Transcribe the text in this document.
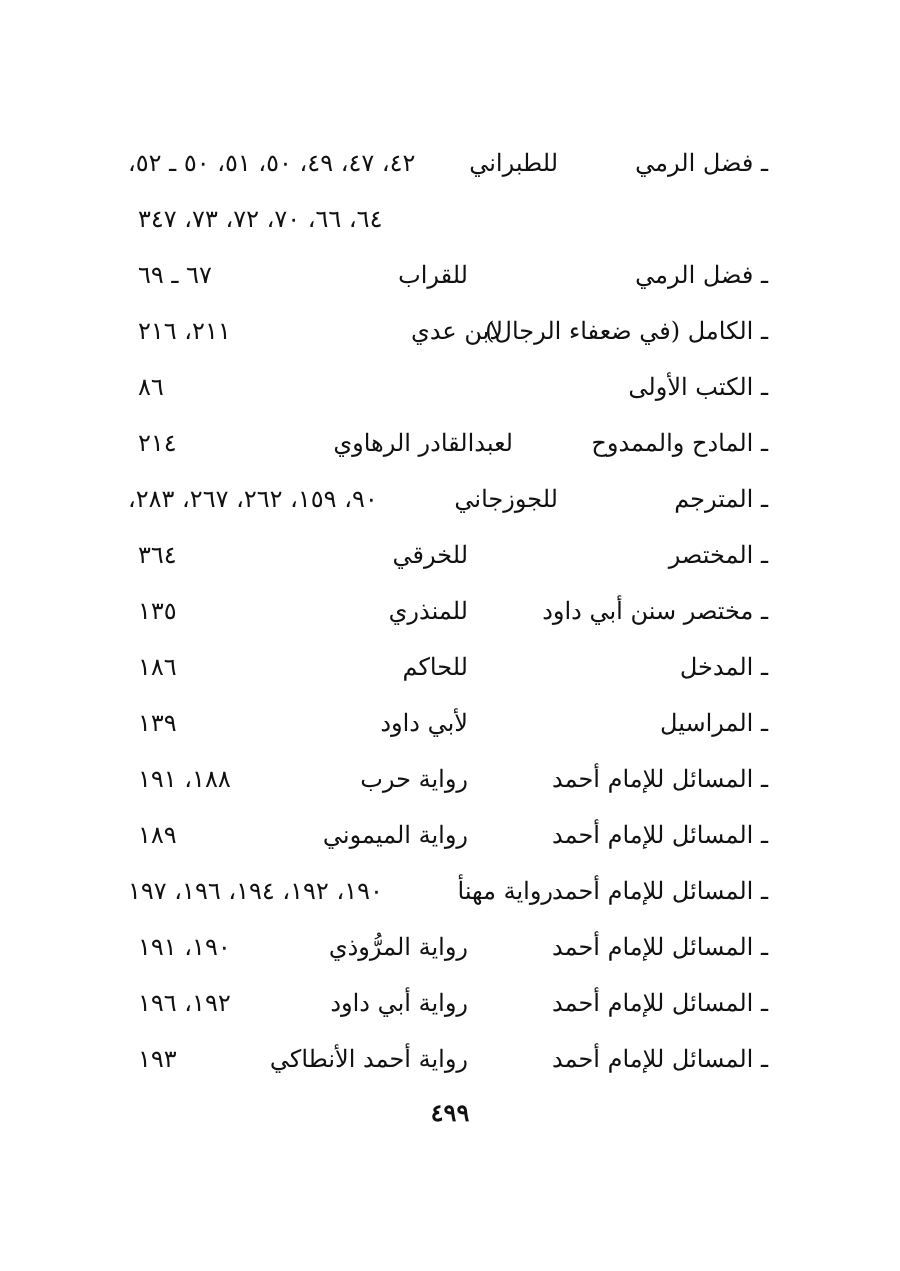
ـ فضل الرمي
للطبراني
٤٢، ٤٧، ٤٩، ٥٠، ٥١، ٥٠ ـ ٥٢،
٦٤، ٦٦، ٧٠، ٧٢، ٧٣، ٣٤٧
ـ فضل الرمي
للقراب
٦٧ ـ ٦٩
ـ الكامل (في ضعفاء الرجال)
لابن عدي
٢١١، ٢١٦
ـ الكتب الأولى
٨٦
ـ المادح والممدوح
لعبدالقادر الرهاوي
٢١٤
ـ المترجم
للجوزجاني
٩٠، ١٥٩، ٢٦٢، ٢٦٧، ٢٨٣،
ـ المختصر
للخرقي
٣٦٤
ـ مختصر سنن أبي داود
للمنذري
١٣٥
ـ المدخل
للحاكم
١٨٦
ـ المراسيل
لأبي داود
١٣٩
ـ المسائل للإمام أحمد
رواية حرب
١٨٨، ١٩١
ـ المسائل للإمام أحمد
رواية الميموني
١٨٩
ـ المسائل للإمام أحمد
رواية مهنأ
١٩٠، ١٩٢، ١٩٤، ١٩٦، ١٩٧
ـ المسائل للإمام أحمد
رواية المرُّوذي
١٩٠، ١٩١
ـ المسائل للإمام أحمد
رواية أبي داود
١٩٢، ١٩٦
ـ المسائل للإمام أحمد
رواية أحمد الأنطاكي
١٩٣
٤٩٩
